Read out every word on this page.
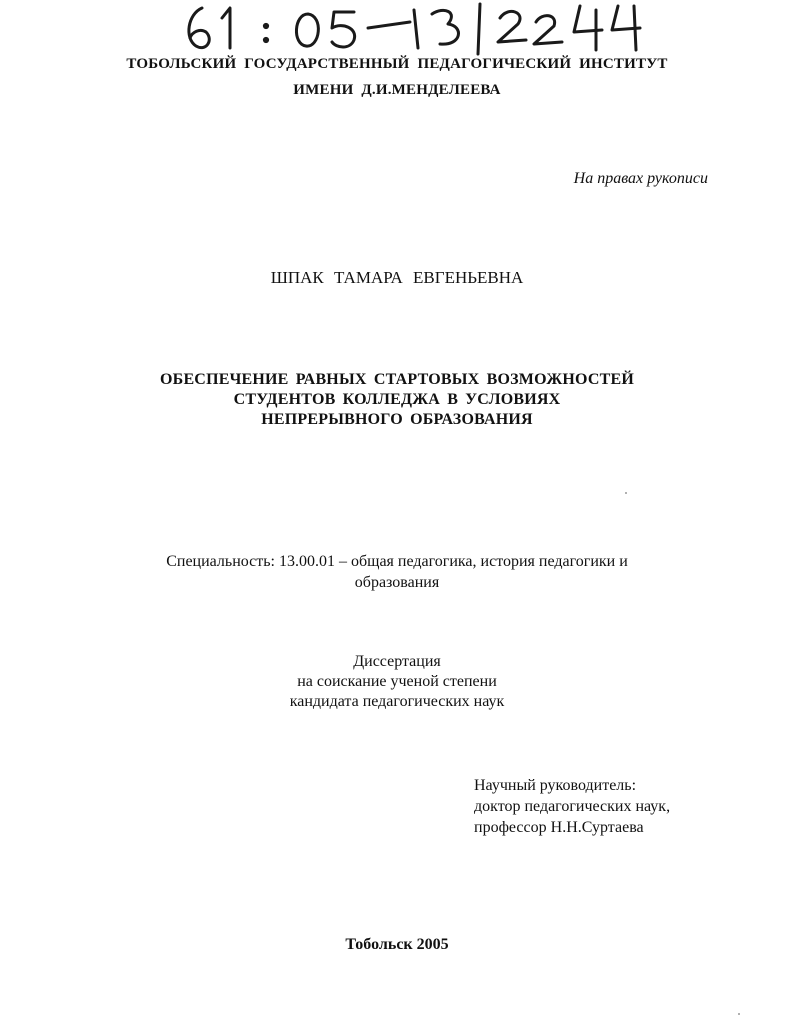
ТОБОЛЬСКИЙ ГОСУДАРСТВЕННЫЙ ПЕДАГОГИЧЕСКИЙ ИНСТИТУТ
ИМЕНИ Д.И.МЕНДЕЛЕЕВА
На правах рукописи
ШПАК ТАМАРА ЕВГЕНЬЕВНА
ОБЕСПЕЧЕНИЕ РАВНЫХ СТАРТОВЫХ ВОЗМОЖНОСТЕЙ
СТУДЕНТОВ КОЛЛЕДЖА В УСЛОВИЯХ
НЕПРЕРЫВНОГО ОБРАЗОВАНИЯ
Специальность: 13.00.01 – общая педагогика, история педагогики и
образования
Диссертация
на соискание ученой степени
кандидата педагогических наук
Научный руководитель:
доктор педагогических наук,
профессор Н.Н.Суртаева
Тобольск 2005
